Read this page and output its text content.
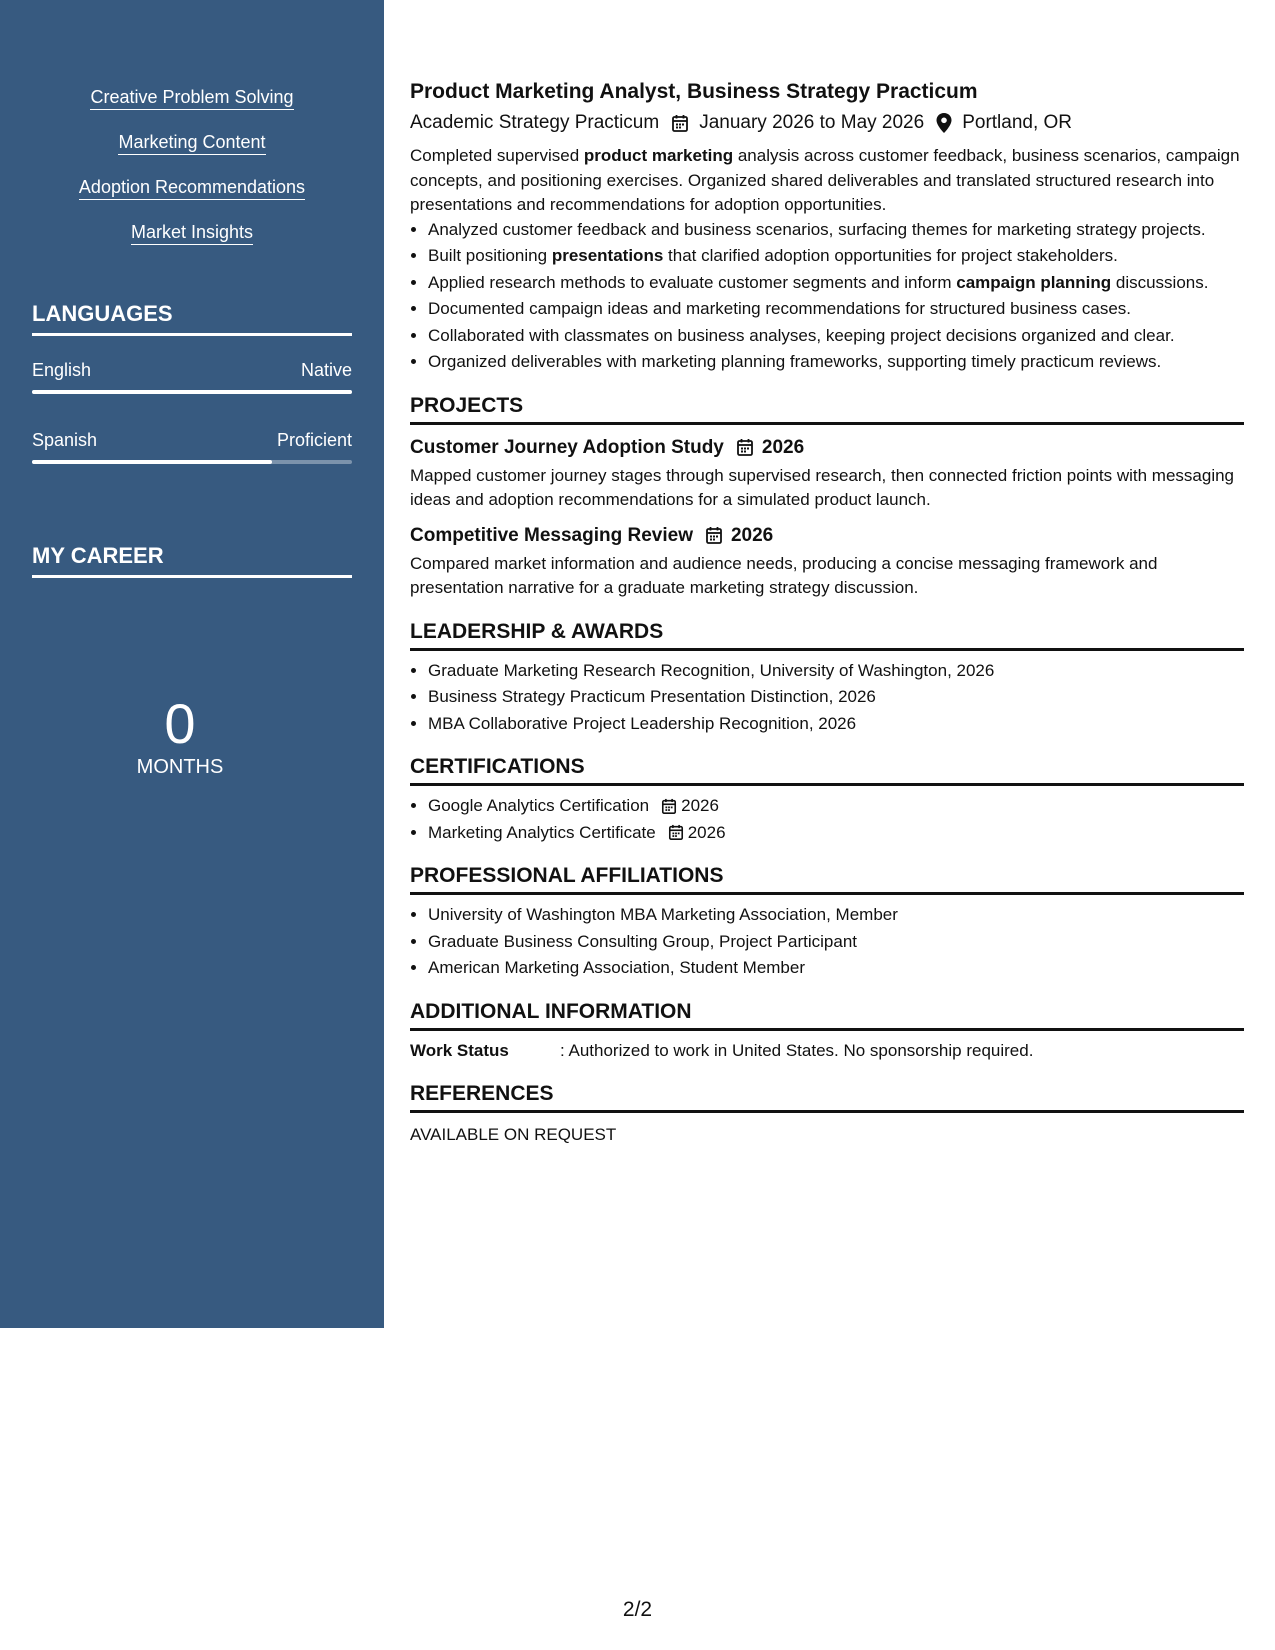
Creative Problem Solving
Marketing Content
Adoption Recommendations
Market Insights
LANGUAGES
English	Native
Spanish	Proficient
MY CAREER
0
MONTHS
Product Marketing Analyst, Business Strategy Practicum
Academic Strategy Practicum January 2026 to May 2026 Portland, OR

Completed supervised product marketing analysis across customer feedback, business scenarios, campaign concepts, and positioning exercises. Organized shared deliverables and translated structured research into presentations and recommendations for adoption opportunities.

• Analyzed customer feedback and business scenarios, surfacing themes for marketing strategy projects.
• Built positioning presentations that clarified adoption opportunities for project stakeholders.
• Applied research methods to evaluate customer segments and inform campaign planning discussions.
• Documented campaign ideas and marketing recommendations for structured business cases.
• Collaborated with classmates on business analyses, keeping project decisions organized and clear.
• Organized deliverables with marketing planning frameworks, supporting timely practicum reviews.
PROJECTS
Customer Journey Adoption Study 2026
Mapped customer journey stages through supervised research, then connected friction points with messaging ideas and adoption recommendations for a simulated product launch.
Competitive Messaging Review 2026
Compared market information and audience needs, producing a concise messaging framework and presentation narrative for a graduate marketing strategy discussion.
LEADERSHIP & AWARDS
• Graduate Marketing Research Recognition, University of Washington, 2026
• Business Strategy Practicum Presentation Distinction, 2026
• MBA Collaborative Project Leadership Recognition, 2026
CERTIFICATIONS
• Google Analytics Certification 2026
• Marketing Analytics Certificate 2026
PROFESSIONAL AFFILIATIONS
• University of Washington MBA Marketing Association, Member
• Graduate Business Consulting Group, Project Participant
• American Marketing Association, Student Member
ADDITIONAL INFORMATION
Work Status	: Authorized to work in United States. No sponsorship required.
REFERENCES
AVAILABLE ON REQUEST
2/2
